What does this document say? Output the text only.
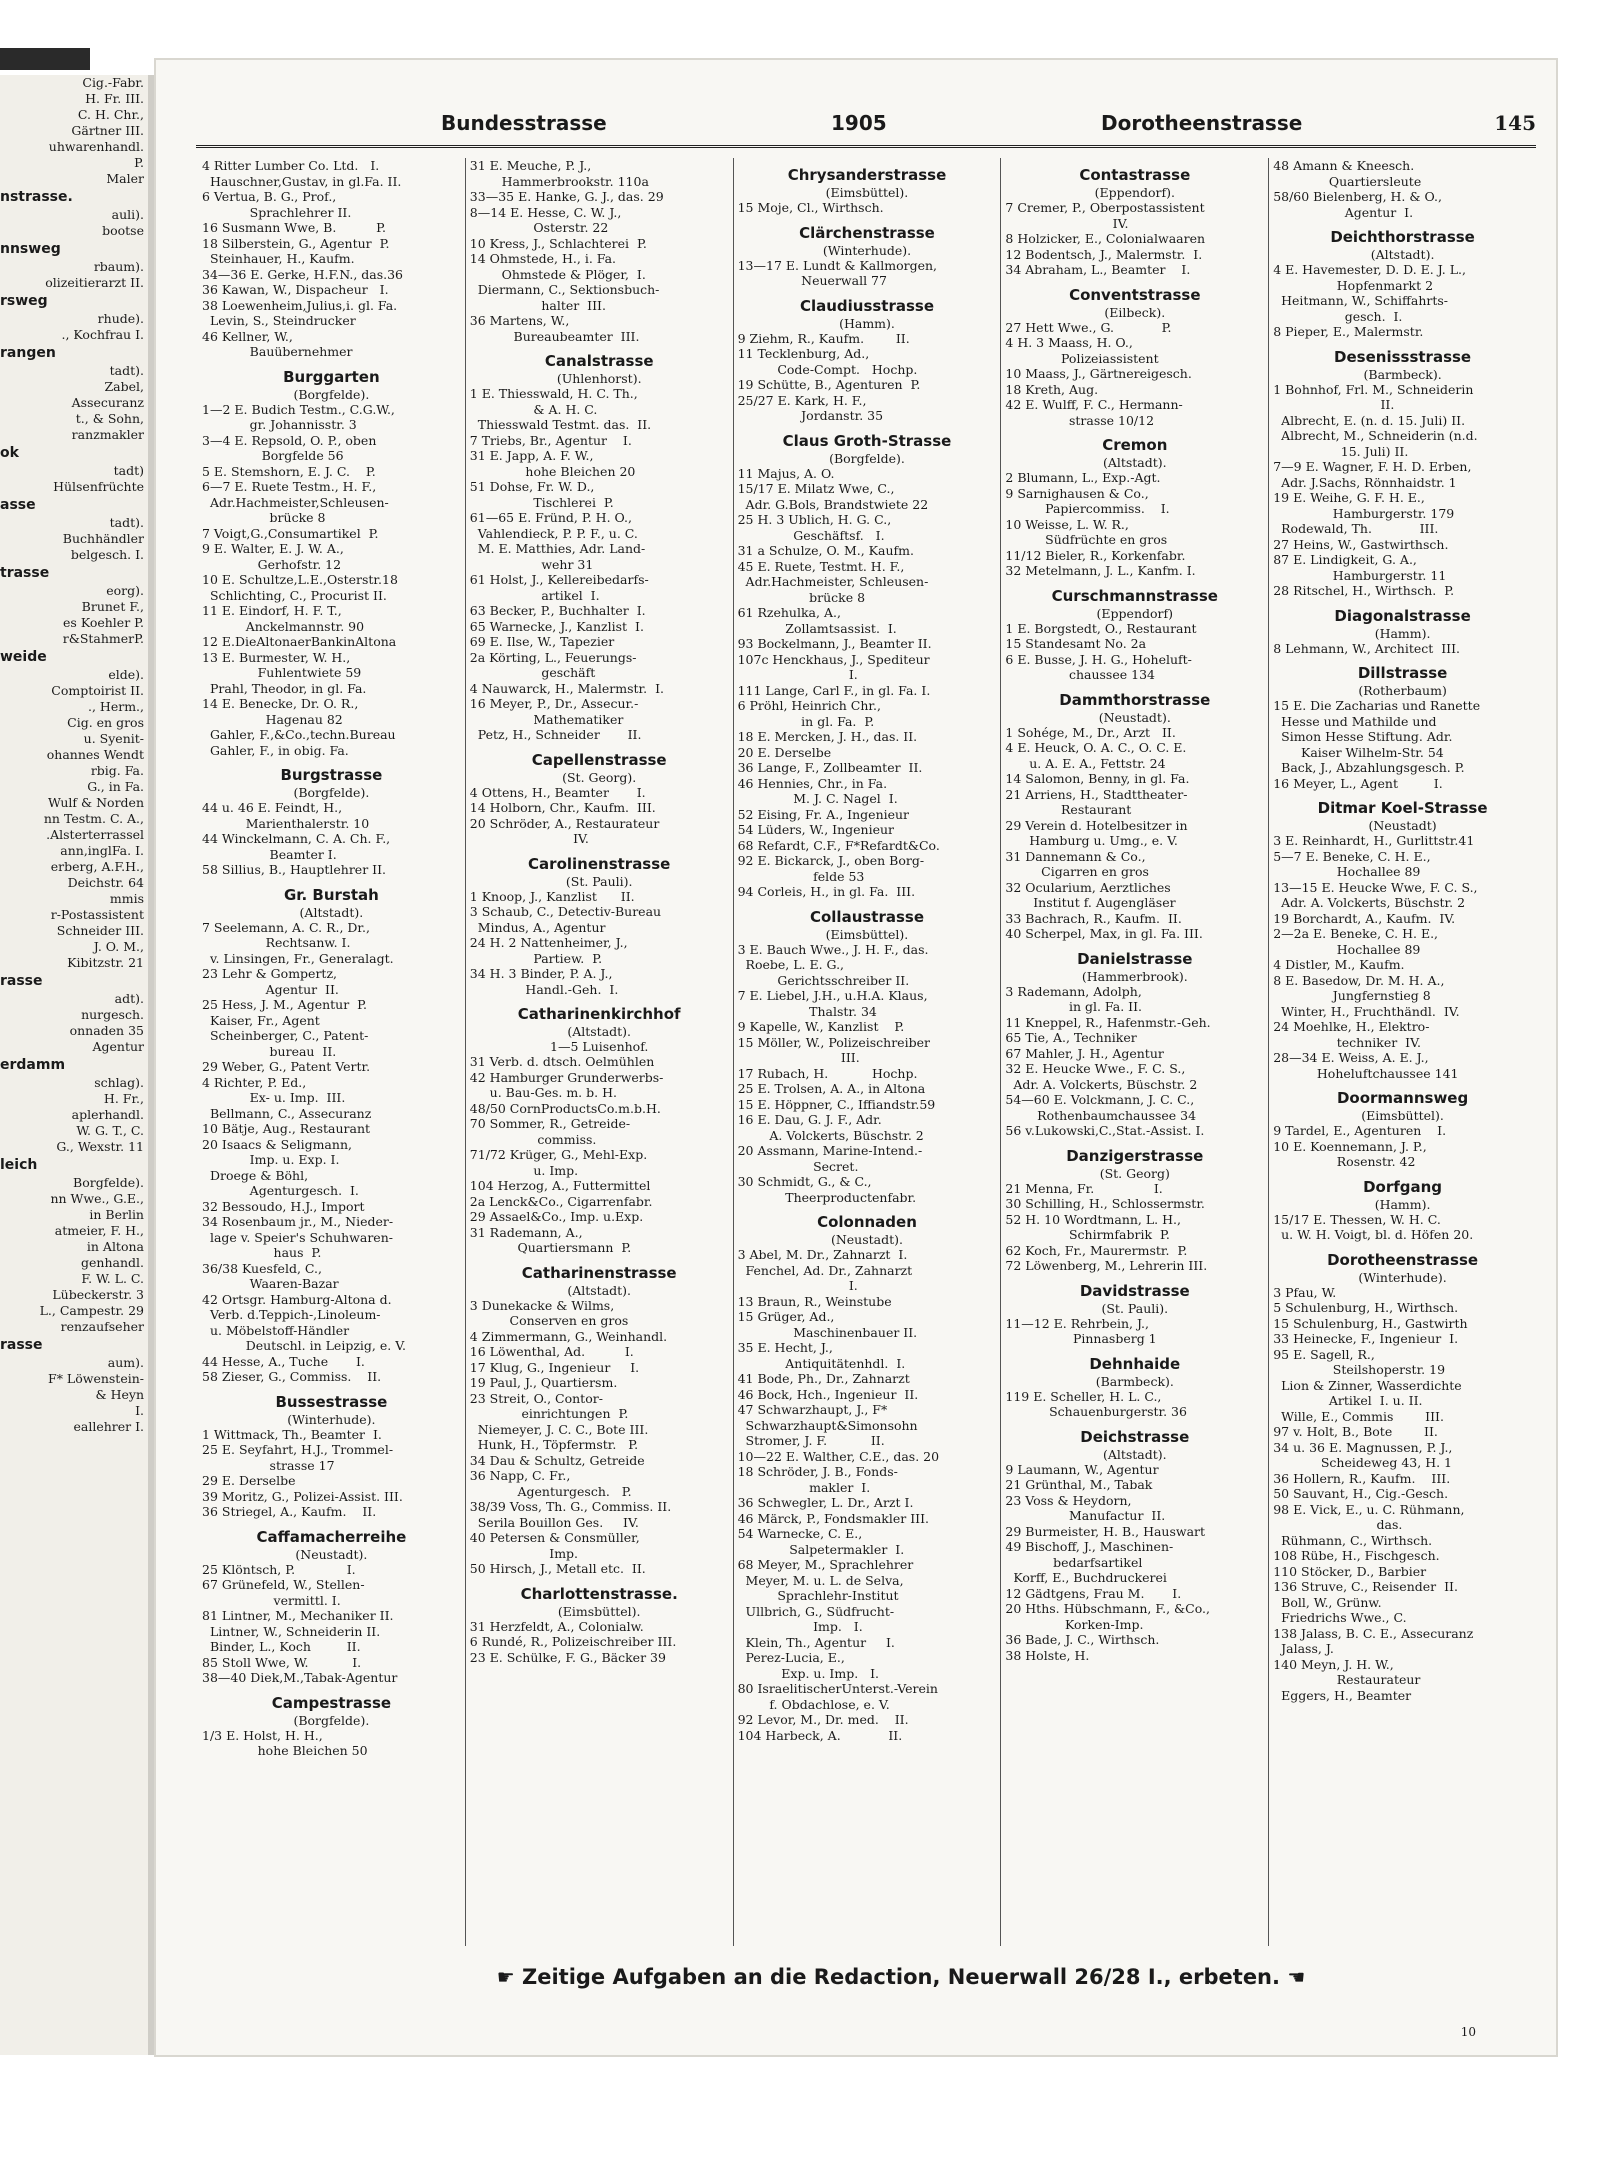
Cig.-Fabr.
H. Fr. III.
C. H. Chr.,
Gärtner III.
uhwarenhandl.
P.
Maler
nstrasse.
auli).
bootse
nnsweg
rbaum).
olizeitierarzt II.
rsweg
rhude).
., Kochfrau I.
rangen
tadt).
Zabel,
Assecuranz
t., & Sohn,
ranzmakler
ok
tadt)
Hülsenfrüchte
asse
tadt).
Buchhändler
belgesch. I.
trasse
eorg).
Brunet F.,
es Koehler P.
r&StahmerP.
weide
elde).
Comptoirist II.
., Herm.,
Cig. en gros
u. Syenit-
ohannes Wendt
rbig. Fa.
G., in Fa.
Wulf & Norden
nn Testm. C. A.,
.Alsterterrassel
ann,inglFa. I.
erberg, A.F.H.,
Deichstr. 64
mmis
r-Postassistent
Schneider III.
J. O. M.,
Kibitzstr. 21
rasse
adt).
nurgesch.
onnaden 35
Agentur
erdamm
schlag).
H. Fr.,
aplerhandl.
W. G. T., C.
G., Wexstr. 11
leich
Borgfelde).
nn Wwe., G.E.,
in Berlin
atmeier, F. H.,
in Altona
genhandl.
F. W. L. C.
Lübeckerstr. 3
L., Campestr. 29
renzaufseher
rasse
aum).
F* Löwenstein-
& Heyn
I.
eallehrer I.
Bundesstrasse	1905	Dorotheenstrasse	145
4 Ritter Lumber Co. Ltd.   I.
Hauschner,Gustav, in gl.Fa. II.
6 Vertua, B. G., Prof.,
Sprachlehrer II.
16 Susmann Wwe, B.          P.
18 Silberstein, G., Agentur  P.
Steinhauer, H., Kaufm.
34—36 E. Gerke, H.F.N., das.36
36 Kawan, W., Dispacheur   I.
38 Loewenheim,Julius,i. gl. Fa.
Levin, S., Steindrucker
46 Kellner, W.,
Bauübernehmer
Burggarten
(Borgfelde).
1—2 E. Budich Testm., C.G.W.,
gr. Johannisstr. 3
3—4 E. Repsold, O. P., oben
Borgfelde 56
5 E. Stemshorn, E. J. C.    P.
6—7 E. Ruete Testm., H. F.,
Adr.Hachmeister,Schleusen-
brücke 8
7 Voigt,G.,Consumartikel  P.
9 E. Walter, E. J. W. A.,
Gerhofstr. 12
10 E. Schultze,L.E.,Osterstr.18
Schlichting, C., Procurist II.
11 E. Eindorf, H. F. T.,
Anckelmannstr. 90
12 E.DieAltonaerBankinAltona
13 E. Burmester, W. H.,
Fuhlentwiete 59
Prahl, Theodor, in gl. Fa.
14 E. Benecke, Dr. O. R.,
Hagenau 82
Gahler, F.,&Co.,techn.Bureau
Gahler, F., in obig. Fa.
Burgstrasse
(Borgfelde).
44 u. 46 E. Feindt, H.,
Marienthalerstr. 10
44 Winckelmann, C. A. Ch. F.,
Beamter I.
58 Sillius, B., Hauptlehrer II.
Gr. Burstah
(Altstadt).
7 Seelemann, A. C. R., Dr.,
Rechtsanw. I.
v. Linsingen, Fr., Generalagt.
23 Lehr & Gompertz,
Agentur  II.
25 Hess, J. M., Agentur  P.
Kaiser, Fr., Agent
Scheinberger, C., Patent-
bureau  II.
29 Weber, G., Patent Vertr.
4 Richter, P. Ed.,
Ex- u. Imp.  III.
Bellmann, C., Assecuranz
10 Bätje, Aug., Restaurant
20 Isaacs & Seligmann,
Imp. u. Exp. I.
Droege & Böhl,
Agenturgesch.  I.
32 Bessoudo, H.J., Import
34 Rosenbaum jr., M., Nieder-
lage v. Speier's Schuhwaren-
haus  P.
36/38 Kuesfeld, C.,
Waaren-Bazar
42 Ortsgr. Hamburg-Altona d.
Verb. d.Teppich-,Linoleum-
u. Möbelstoff-Händler
Deutschl. in Leipzig, e. V.
44 Hesse, A., Tuche       I.
58 Zieser, G., Commiss.    II.
Bussestrasse
(Winterhude).
1 Wittmack, Th., Beamter  I.
25 E. Seyfahrt, H.J., Trommel-
strasse 17
29 E. Derselbe
39 Moritz, G., Polizei-Assist. III.
36 Striegel, A., Kaufm.    II.
Caffamacherreihe
(Neustadt).
25 Klöntsch, P.             I.
67 Grünefeld, W., Stellen-
vermittl. I.
81 Lintner, M., Mechaniker II.
Lintner, W., Schneiderin II.
Binder, L., Koch         II.
85 Stoll Wwe, W.           I.
38—40 Diek,M.,Tabak-Agentur
Campestrasse
(Borgfelde).
1/3 E. Holst, H. H.,
hohe Bleichen 50
31 E. Meuche, P. J.,
Hammerbrookstr. 110a
33—35 E. Hanke, G. J., das. 29
8—14 E. Hesse, C. W. J.,
Osterstr. 22
10 Kress, J., Schlachterei  P.
14 Ohmstede, H., i. Fa.
Ohmstede & Plöger,  I.
Diermann, C., Sektionsbuch-
halter  III.
36 Martens, W.,
Bureaubeamter  III.
Canalstrasse
(Uhlenhorst).
1 E. Thiesswald, H. C. Th.,
& A. H. C.
Thiesswald Testmt. das.  II.
7 Triebs, Br., Agentur    I.
31 E. Japp, A. F. W.,
hohe Bleichen 20
51 Dohse, Fr. W. D.,
Tischlerei  P.
61—65 E. Fründ, P. H. O.,
Vahlendieck, P. P. F., u. C.
M. E. Matthies, Adr. Land-
wehr 31
61 Holst, J., Kellereibedarfs-
artikel  I.
63 Becker, P., Buchhalter  I.
65 Warnecke, J., Kanzlist  I.
69 E. Ilse, W., Tapezier
2a Körting, L., Feuerungs-
geschäft
4 Nauwarck, H., Malermstr.  I.
16 Meyer, P., Dr., Assecur.-
Mathematiker
Petz, H., Schneider       II.
Capellenstrasse
(St. Georg).
4 Ottens, H., Beamter       I.
14 Holborn, Chr., Kaufm.  III.
20 Schröder, A., Restaurateur
IV.
Carolinenstrasse
(St. Pauli).
1 Knoop, J., Kanzlist      II.
3 Schaub, C., Detectiv-Bureau
Mindus, A., Agentur
24 H. 2 Nattenheimer, J.,
Partiew.  P.
34 H. 3 Binder, P. A. J.,
Handl.-Geh.  I.
Catharinenkirchhof
(Altstadt).
1—5 Luisenhof.
31 Verb. d. dtsch. Oelmühlen
42 Hamburger Grunderwerbs-
u. Bau-Ges. m. b. H.
48/50 CornProductsCo.m.b.H.
70 Sommer, R., Getreide-
commiss.
71/72 Krüger, G., Mehl-Exp.
u. Imp.
104 Herzog, A., Futtermittel
2a Lenck&Co., Cigarrenfabr.
29 Assael&Co., Imp. u.Exp.
31 Rademann, A.,
Quartiersmann  P.
Catharinenstrasse
(Altstadt).
3 Dunekacke & Wilms,
Conserven en gros
4 Zimmermann, G., Weinhandl.
16 Löwenthal, Ad.          I.
17 Klug, G., Ingenieur     I.
19 Paul, J., Quartiersm.
23 Streit, O., Contor-
einrichtungen  P.
Niemeyer, J. C. C., Bote III.
Hunk, H., Töpfermstr.   P.
34 Dau & Schultz, Getreide
36 Napp, C. Fr.,
Agenturgesch.   P.
38/39 Voss, Th. G., Commiss. II.
Serila Bouillon Ges.     IV.
40 Petersen & Consmüller,
Imp.
50 Hirsch, J., Metall etc.  II.
Charlottenstrasse.
(Eimsbüttel).
31 Herzfeldt, A., Colonialw.
6 Rundé, R., Polizeischreiber III.
23 E. Schülke, F. G., Bäcker 39
Chrysanderstrasse
(Eimsbüttel).
15 Moje, Cl., Wirthsch.
Clärchenstrasse
(Winterhude).
13—17 E. Lundt & Kallmorgen,
Neuerwall 77
Claudiusstrasse
(Hamm).
9 Ziehm, R., Kaufm.        II.
11 Tecklenburg, Ad.,
Code-Compt.   Hochp.
19 Schütte, B., Agenturen  P.
25/27 E. Kark, H. F.,
Jordanstr. 35
Claus Groth-Strasse
(Borgfelde).
11 Majus, A. O.
15/17 E. Milatz Wwe, C.,
Adr. G.Bols, Brandstwiete 22
25 H. 3 Ublich, H. G. C.,
Geschäftsf.   I.
31 a Schulze, O. M., Kaufm.
45 E. Ruete, Testmt. H. F.,
Adr.Hachmeister, Schleusen-
brücke 8
61 Rzehulka, A.,
Zollamtsassist.  I.
93 Bockelmann, J., Beamter II.
107c Henckhaus, J., Spediteur
I.
111 Lange, Carl F., in gl. Fa. I.
6 Pröhl, Heinrich Chr.,
in gl. Fa.  P.
18 E. Mercken, J. H., das. II.
20 E. Derselbe
36 Lange, F., Zollbeamter  II.
46 Hennies, Chr., in Fa.
M. J. C. Nagel  I.
52 Eising, Fr. A., Ingenieur
54 Lüders, W., Ingenieur
68 Refardt, C.F., F*Refardt&Co.
92 E. Bickarck, J., oben Borg-
felde 53
94 Corleis, H., in gl. Fa.  III.
Collaustrasse
(Eimsbüttel).
3 E. Bauch Wwe., J. H. F., das.
Roebe, L. E. G.,
Gerichtsschreiber II.
7 E. Liebel, J.H., u.H.A. Klaus,
Thalstr. 34
9 Kapelle, W., Kanzlist    P.
15 Möller, W., Polizeischreiber
III.
17 Rubach, H.           Hochp.
25 E. Trolsen, A. A., in Altona
15 E. Höppner, C., Iffiandstr.59
16 E. Dau, G. J. F., Adr.
A. Volckerts, Büschstr. 2
20 Assmann, Marine-Intend.-
Secret.
30 Schmidt, G., & C.,
Theerproductenfabr.
Colonnaden
(Neustadt).
3 Abel, M. Dr., Zahnarzt  I.
Fenchel, Ad. Dr., Zahnarzt
I.
13 Braun, R., Weinstube
15 Grüger, Ad.,
Maschinenbauer II.
35 E. Hecht, J.,
Antiquitätenhdl.  I.
41 Bode, Ph., Dr., Zahnarzt
46 Bock, Hch., Ingenieur  II.
47 Schwarzhaupt, J., F*
Schwarzhaupt&Simonsohn
Stromer, J. F.           II.
10—22 E. Walther, C.E., das. 20
18 Schröder, J. B., Fonds-
makler  I.
36 Schwegler, L. Dr., Arzt I.
46 Märck, P., Fondsmakler III.
54 Warnecke, C. E.,
Salpetermakler  I.
68 Meyer, M., Sprachlehrer
Meyer, M. u. L. de Selva,
Sprachlehr-Institut
Ullbrich, G., Südfrucht-
Imp.   I.
Klein, Th., Agentur     I.
Perez-Lucia, E.,
Exp. u. Imp.   I.
80 IsraelitischerUnterst.-Verein
f. Obdachlose, e. V.
92 Levor, M., Dr. med.    II.
104 Harbeck, A.            II.
Contastrasse
(Eppendorf).
7 Cremer, P., Oberpostassistent
IV.
8 Holzicker, E., Colonialwaaren
12 Bodentsch, J., Malermstr.  I.
34 Abraham, L., Beamter    I.
Conventstrasse
(Eilbeck).
27 Hett Wwe., G.            P.
4 H. 3 Maass, H. O.,
Polizeiassistent
10 Maass, J., Gärtnereigesch.
18 Kreth, Aug.
42 E. Wulff, F. C., Hermann-
strasse 10/12
Cremon
(Altstadt).
2 Blumann, L., Exp.-Agt.
9 Sarnighausen & Co.,
Papiercommiss.    I.
10 Weisse, L. W. R.,
Südfrüchte en gros
11/12 Bieler, R., Korkenfabr.
32 Metelmann, J. L., Kanfm. I.
Curschmannstrasse
(Eppendorf)
1 E. Borgstedt, O., Restaurant
15 Standesamt No. 2a
6 E. Busse, J. H. G., Hoheluft-
chaussee 134
Dammthorstrasse
(Neustadt).
1 Sohége, M., Dr., Arzt   II.
4 E. Heuck, O. A. C., O. C. E.
u. A. E. A., Fettstr. 24
14 Salomon, Benny, in gl. Fa.
21 Arriens, H., Stadttheater-
Restaurant
29 Verein d. Hotelbesitzer in
Hamburg u. Umg., e. V.
31 Dannemann & Co.,
Cigarren en gros
32 Ocularium, Aerztliches
Institut f. Augengläser
33 Bachrach, R., Kaufm.  II.
40 Scherpel, Max, in gl. Fa. III.
Danielstrasse
(Hammerbrook).
3 Rademann, Adolph,
in gl. Fa. II.
11 Kneppel, R., Hafenmstr.-Geh.
65 Tie, A., Techniker
67 Mahler, J. H., Agentur
32 E. Heucke Wwe., F. C. S.,
Adr. A. Volckerts, Büschstr. 2
54—60 E. Volckmann, J. C. C.,
Rothenbaumchaussee 34
56 v.Lukowski,C.,Stat.-Assist. I.
Danzigerstrasse
(St. Georg)
21 Menna, Fr.               I.
30 Schilling, H., Schlossermstr.
52 H. 10 Wordtmann, L. H.,
Schirmfabrik  P.
62 Koch, Fr., Maurermstr.  P.
72 Löwenberg, M., Lehrerin III.
Davidstrasse
(St. Pauli).
11—12 E. Rehrbein, J.,
Pinnasberg 1
Dehnhaide
(Barmbeck).
119 E. Scheller, H. L. C.,
Schauenburgerstr. 36
Deichstrasse
(Altstadt).
9 Laumann, W., Agentur
21 Grünthal, M., Tabak
23 Voss & Heydorn,
Manufactur  II.
29 Burmeister, H. B., Hauswart
49 Bischoff, J., Maschinen-
bedarfsartikel
Korff, E., Buchdruckerei
12 Gädtgens, Frau M.       I.
20 Hths. Hübschmann, F., &Co.,
Korken-Imp.
36 Bade, J. C., Wirthsch.
38 Holste, H.
48 Amann & Kneesch.
Quartiersleute
58/60 Bielenberg, H. & O.,
Agentur  I.
Deichthorstrasse
(Altstadt).
4 E. Havemester, D. D. E. J. L.,
Hopfenmarkt 2
Heitmann, W., Schiffahrts-
gesch.  I.
8 Pieper, E., Malermstr.
Desenissstrasse
(Barmbeck).
1 Bohnhof, Frl. M., Schneiderin
II.
Albrecht, E. (n. d. 15. Juli) II.
Albrecht, M., Schneiderin (n.d.
15. Juli) II.
7—9 E. Wagner, F. H. D. Erben,
Adr. J.Sachs, Rönnhaidstr. 1
19 E. Weihe, G. F. H. E.,
Hamburgerstr. 179
Rodewald, Th.            III.
27 Heins, W., Gastwirthsch.
87 E. Lindigkeit, G. A.,
Hamburgerstr. 11
28 Ritschel, H., Wirthsch.  P.
Diagonalstrasse
(Hamm).
8 Lehmann, W., Architect  III.
Dillstrasse
(Rotherbaum)
15 E. Die Zacharias und Ranette
Hesse und Mathilde und
Simon Hesse Stiftung. Adr.
Kaiser Wilhelm-Str. 54
Back, J., Abzahlungsgesch. P.
16 Meyer, L., Agent         I.
Ditmar Koel-Strasse
(Neustadt)
3 E. Reinhardt, H., Gurlittstr.41
5—7 E. Beneke, C. H. E.,
Hochallee 89
13—15 E. Heucke Wwe, F. C. S.,
Adr. A. Volckerts, Büschstr. 2
19 Borchardt, A., Kaufm.  IV.
2—2a E. Beneke, C. H. E.,
Hochallee 89
4 Distler, M., Kaufm.
8 E. Basedow, Dr. M. H. A.,
Jungfernstieg 8
Winter, H., Fruchthändl.  IV.
24 Moehlke, H., Elektro-
techniker  IV.
28—34 E. Weiss, A. E. J.,
Hoheluftchaussee 141
Doormannsweg
(Eimsbüttel).
9 Tardel, E., Agenturen    I.
10 E. Koennemann, J. P.,
Rosenstr. 42
Dorfgang
(Hamm).
15/17 E. Thessen, W. H. C.
u. W. H. Voigt, bl. d. Höfen 20.
Dorotheenstrasse
(Winterhude).
3 Pfau, W.
5 Schulenburg, H., Wirthsch.
15 Schulenburg, H., Gastwirth
33 Heinecke, F., Ingenieur  I.
95 E. Sagell, R.,
Steilshoperstr. 19
Lion & Zinner, Wasserdichte
Artikel  I. u. II.
Wille, E., Commis        III.
97 v. Holt, B., Bote        II.
34 u. 36 E. Magnussen, P. J.,
Scheideweg 43, H. 1
36 Hollern, R., Kaufm.    III.
50 Sauvant, H., Cig.-Gesch.
98 E. Vick, E., u. C. Rühmann,
das.
Rühmann, C., Wirthsch.
108 Rübe, H., Fischgesch.
110 Stöcker, D., Barbier
136 Struve, C., Reisender  II.
Boll, W., Grünw.
Friedrichs Wwe., C.
138 Jalass, B. C. E., Assecuranz
Jalass, J.
140 Meyn, J. H. W.,
Restaurateur
Eggers, H., Beamter
☛ Zeitige Aufgaben an die Redaction, Neuerwall 26/28 I., erbeten. ☚
10
